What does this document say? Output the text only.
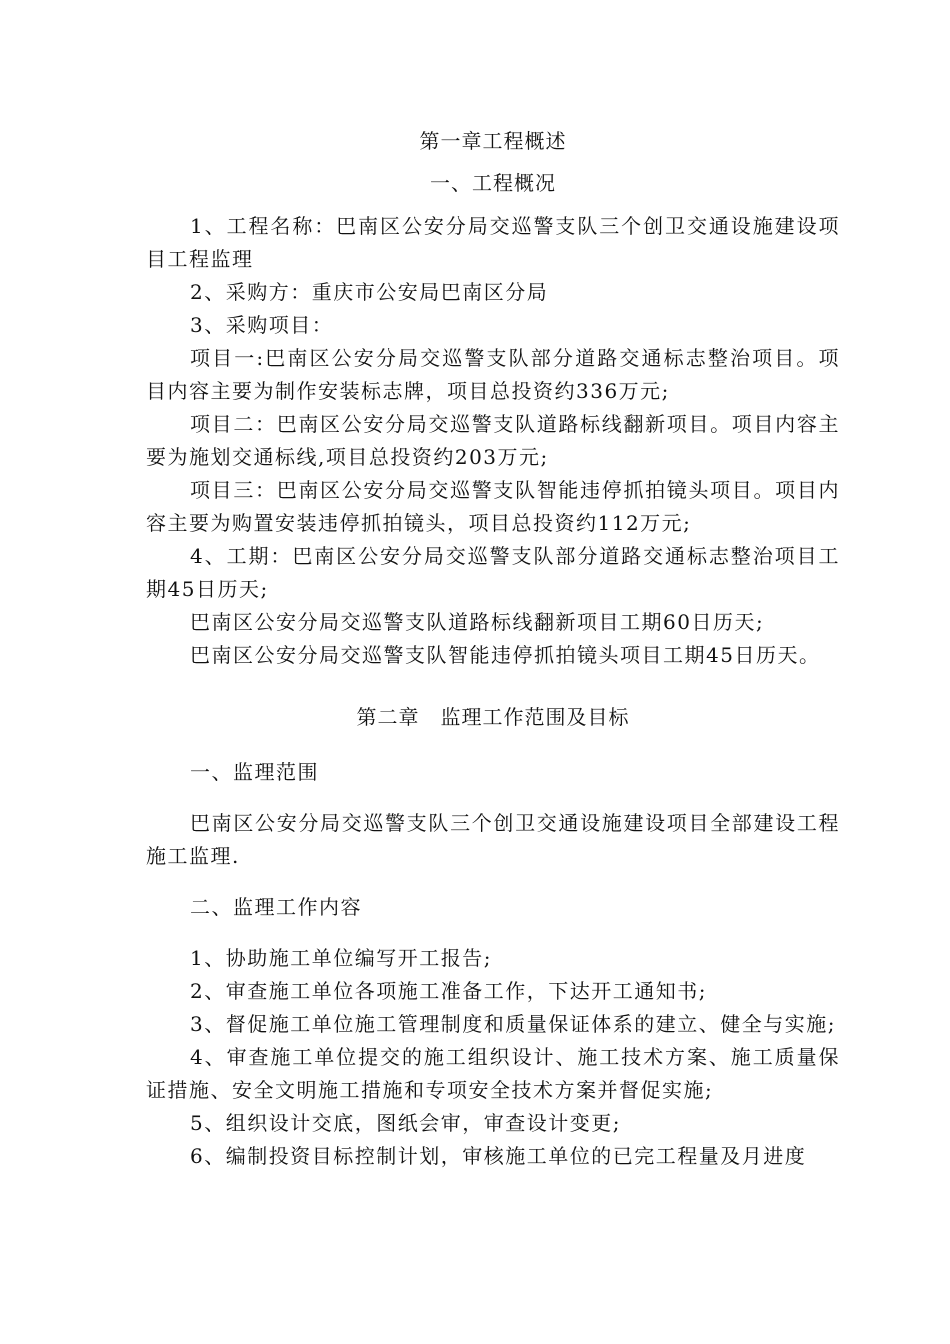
第一章工程概述
一、工程概况

1、工程名称：巴南区公安分局交巡警支队三个创卫交通设施建设项目工程监理

2、采购方：重庆市公安局巴南区分局

3、采购项目：

项目一:巴南区公安分局交巡警支队部分道路交通标志整治项目。项目内容主要为制作安装标志牌，项目总投资约336万元;

项目二：巴南区公安分局交巡警支队道路标线翻新项目。项目内容主要为施划交通标线,项目总投资约203万元;

项目三：巴南区公安分局交巡警支队智能违停抓拍镜头项目。项目内容主要为购置安装违停抓拍镜头，项目总投资约112万元;

4、工期：巴南区公安分局交巡警支队部分道路交通标志整治项目工期45日历天;

巴南区公安分局交巡警支队道路标线翻新项目工期60日历天;

巴南区公安分局交巡警支队智能违停抓拍镜头项目工期45日历天。

第二章　监理工作范围及目标

一、监理范围

巴南区公安分局交巡警支队三个创卫交通设施建设项目全部建设工程施工监理.

二、监理工作内容

1、协助施工单位编写开工报告;

2、审查施工单位各项施工准备工作，下达开工通知书;

3、督促施工单位施工管理制度和质量保证体系的建立、健全与实施;

4、审查施工单位提交的施工组织设计、施工技术方案、施工质量保证措施、安全文明施工措施和专项安全技术方案并督促实施;

5、组织设计交底，图纸会审，审查设计变更;

6、编制投资目标控制计划，审核施工单位的已完工程量及月进度
